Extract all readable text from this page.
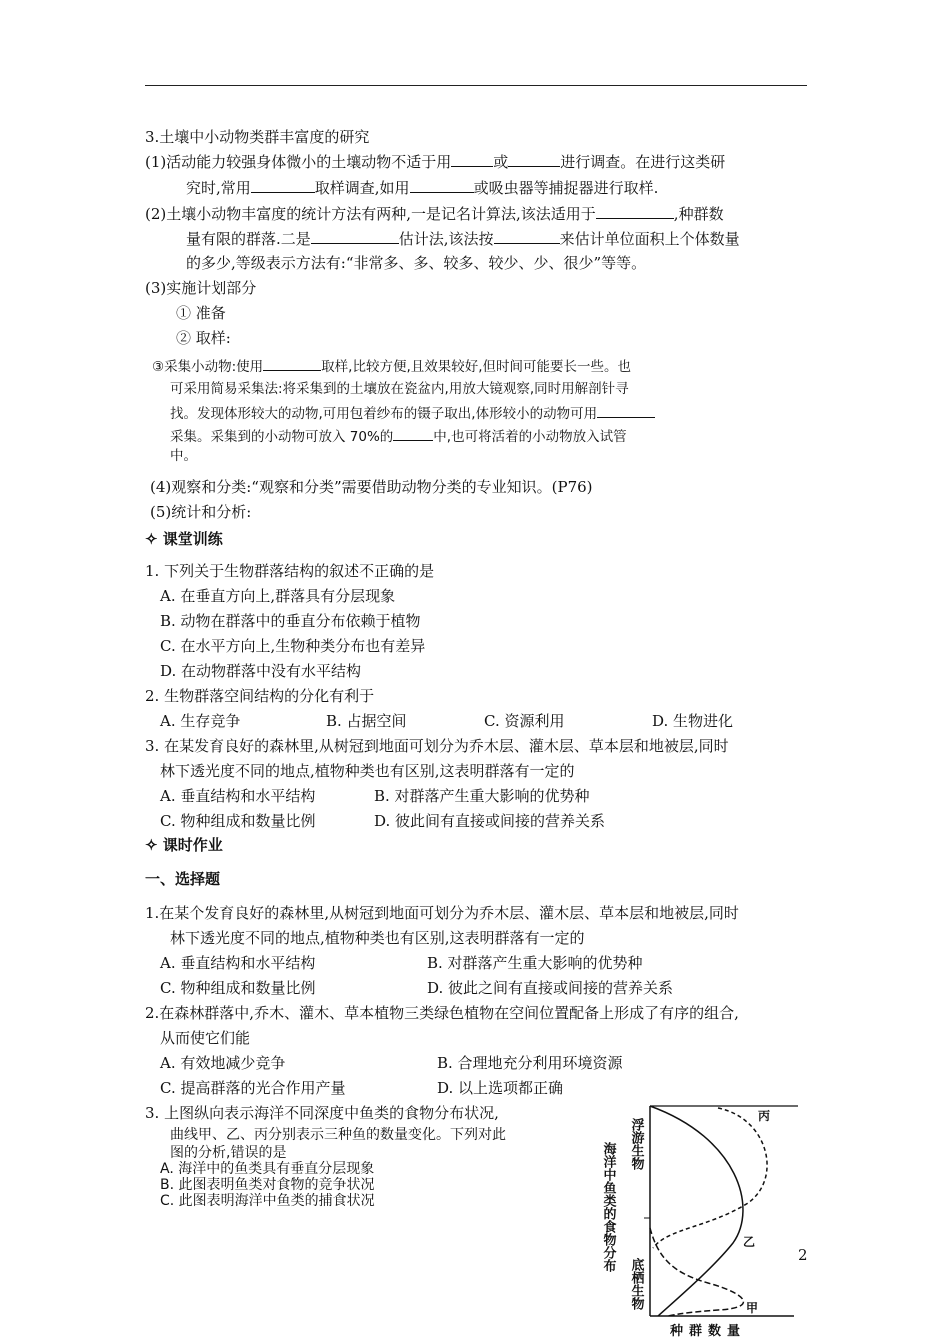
3.土壤中小动物类群丰富度的研究
(1)活动能力较强身体微小的土壤动物不适于用	或	进行调查。在进行这类研
究时,常用	取样调查,如用	或吸虫器等捕捉器进行取样.
(2)土壤小动物丰富度的统计方法有两种,一是记名计算法,该法适用于	,种群数
量有限的群落.二是	估计法,该法按	来估计单位面积上个体数量
的多少,等级表示方法有:“非常多、多、较多、较少、少、很少”等等。
(3)实施计划部分
① 准备
② 取样:
③采集小动物:使用	取样,比较方便,且效果较好,但时间可能要长一些。也
可采用简易采集法:将采集到的土壤放在瓷盆内,用放大镜观察,同时用解剖针寻
找。发现体形较大的动物,可用包着纱布的镊子取出,体形较小的动物可用
采集。采集到的小动物可放入 70%的	中,也可将活着的小动物放入试管
中。
(4)观察和分类:“观察和分类”需要借助动物分类的专业知识。(P76)
(5)统计和分析:
✧ 课堂训练
1. 下列关于生物群落结构的叙述不正确的是
A. 在垂直方向上,群落具有分层现象
B. 动物在群落中的垂直分布依赖于植物
C. 在水平方向上,生物种类分布也有差异
D. 在动物群落中没有水平结构
2. 生物群落空间结构的分化有利于
A. 生存竞争	B. 占据空间	C. 资源利用	D. 生物进化
3. 在某发育良好的森林里,从树冠到地面可划分为乔木层、灌木层、草本层和地被层,同时
林下透光度不同的地点,植物种类也有区别,这表明群落有一定的
A. 垂直结构和水平结构	B. 对群落产生重大影响的优势种
C. 物种组成和数量比例	D. 彼此间有直接或间接的营养关系
✧ 课时作业
一、选择题
1.在某个发育良好的森林里,从树冠到地面可划分为乔木层、灌木层、草本层和地被层,同时
林下透光度不同的地点,植物种类也有区别,这表明群落有一定的
A. 垂直结构和水平结构	B. 对群落产生重大影响的优势种
C. 物种组成和数量比例	D. 彼此之间有直接或间接的营养关系
2.在森林群落中,乔木、灌木、草本植物三类绿色植物在空间位置配备上形成了有序的组合,
从而使它们能
A. 有效地减少竞争	B. 合理地充分利用环境资源
C. 提高群落的光合作用产量	D. 以上选项都正确
3. 上图纵向表示海洋不同深度中鱼类的食物分布状况,
曲线甲、乙、丙分别表示三种鱼的数量变化。下列对此
图的分析,错误的是
A. 海洋中的鱼类具有垂直分层现象
B. 此图表明鱼类对食物的竞争状况
C. 此图表明海洋中鱼类的捕食状况
2
海洋中鱼类的食物分布 浮游生物
底栖生物
乙
甲
丙
种群数量
